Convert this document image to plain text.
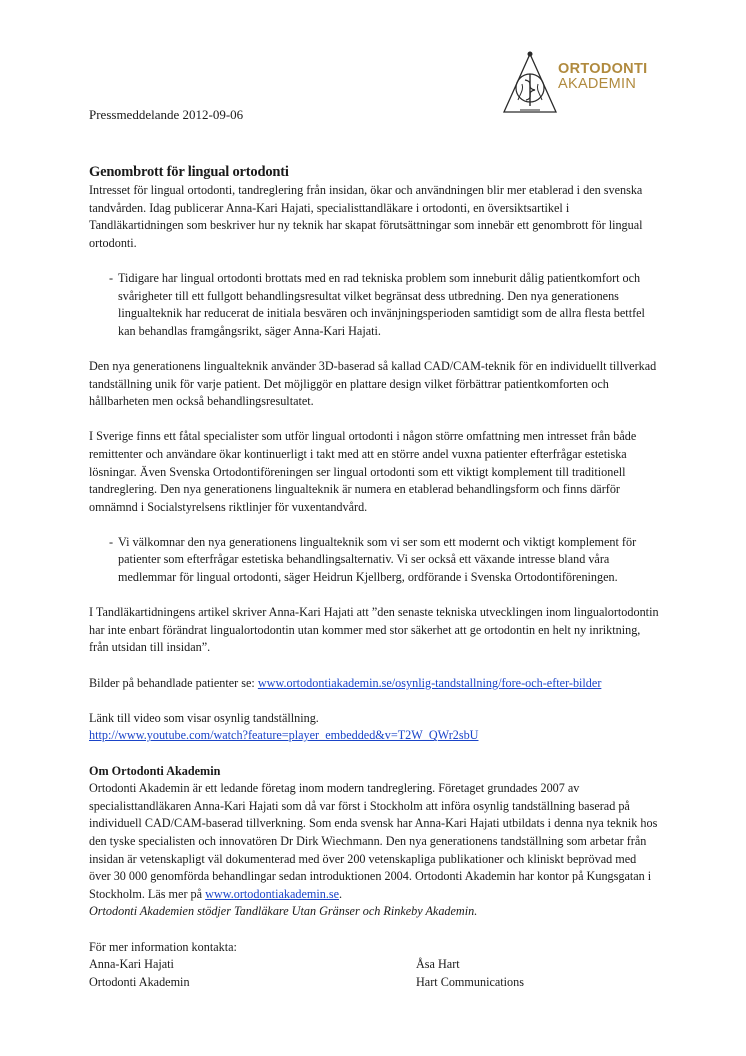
ORTODONTI
AKADEMIN
Pressmeddelande 2012-09-06
Genombrott för lingual ortodonti

Intresset för lingual ortodonti, tandreglering från insidan, ökar och användningen blir mer etablerad i den svenska tandvården. Idag publicerar Anna-Kari Hajati, specialisttandläkare i ortodonti, en översiktsartikel i Tandläkartidningen som beskriver hur ny teknik har skapat förutsättningar som innebär ett genombrott för lingual ortodonti.

- Tidigare har lingual ortodonti brottats med en rad tekniska problem som inneburit dålig patientkomfort och svårigheter till ett fullgott behandlingsresultat vilket begränsat dess utbredning. Den nya generationens lingualteknik har reducerat de initiala besvären och invänjningsperioden samtidigt som de allra flesta bettfel kan behandlas framgångsrikt, säger Anna-Kari Hajati.

Den nya generationens lingualteknik använder 3D-baserad så kallad CAD/CAM-teknik för en individuellt tillverkad tandställning unik för varje patient. Det möjliggör en plattare design vilket förbättrar patientkomforten och hållbarheten men också behandlingsresultatet.

I Sverige finns ett fåtal specialister som utför lingual ortodonti i någon större omfattning men intresset från både remittenter och användare ökar kontinuerligt i takt med att en större andel vuxna patienter efterfrågar estetiska lösningar. Även Svenska Ortodontiföreningen ser lingual ortodonti som ett viktigt komplement till traditionell tandreglering. Den nya generationens lingualteknik är numera en etablerad behandlingsform och finns därför omnämnd i Socialstyrelsens riktlinjer för vuxentandvård.

- Vi välkomnar den nya generationens lingualteknik som vi ser som ett modernt och viktigt komplement för patienter som efterfrågar estetiska behandlingsalternativ. Vi ser också ett växande intresse bland våra medlemmar för lingual ortodonti, säger Heidrun Kjellberg, ordförande i Svenska Ortodontiföreningen.

I Tandläkartidningens artikel skriver Anna-Kari Hajati att ”den senaste tekniska utvecklingen inom lingualortodontin har inte enbart förändrat lingualortodontin utan kommer med stor säkerhet att ge ortodontin en helt ny inriktning, från utsidan till insidan”.

Bilder på behandlade patienter se: www.ortodontiakademin.se/osynlig-tandstallning/fore-och-efter-bilder

Länk till video som visar osynlig tandställning.
http://www.youtube.com/watch?feature=player_embedded&v=T2W_QWr2sbU

Om Ortodonti Akademin
Ortodonti Akademin är ett ledande företag inom modern tandreglering. Företaget grundades 2007 av specialisttandläkaren Anna-Kari Hajati som då var först i Stockholm att införa osynlig tandställning baserad på individuell CAD/CAM-baserad tillverkning. Som enda svensk har Anna-Kari Hajati utbildats i denna nya teknik hos den tyske specialisten och innovatören Dr Dirk Wiechmann. Den nya generationens tandställning som arbetar från insidan är vetenskapligt väl dokumenterad med över 200 vetenskapliga publikationer och kliniskt beprövad med över 30 000 genomförda behandlingar sedan introduktionen 2004. Ortodonti Akademin har kontor på Kungsgatan i Stockholm. Läs mer på www.ortodontiakademin.se.
Ortodonti Akademien stödjer Tandläkare Utan Gränser och Rinkeby Akademin.
För mer information kontakta:
Anna-Kari Hajati
Ortodonti Akademin
Åsa Hart
Hart Communications
